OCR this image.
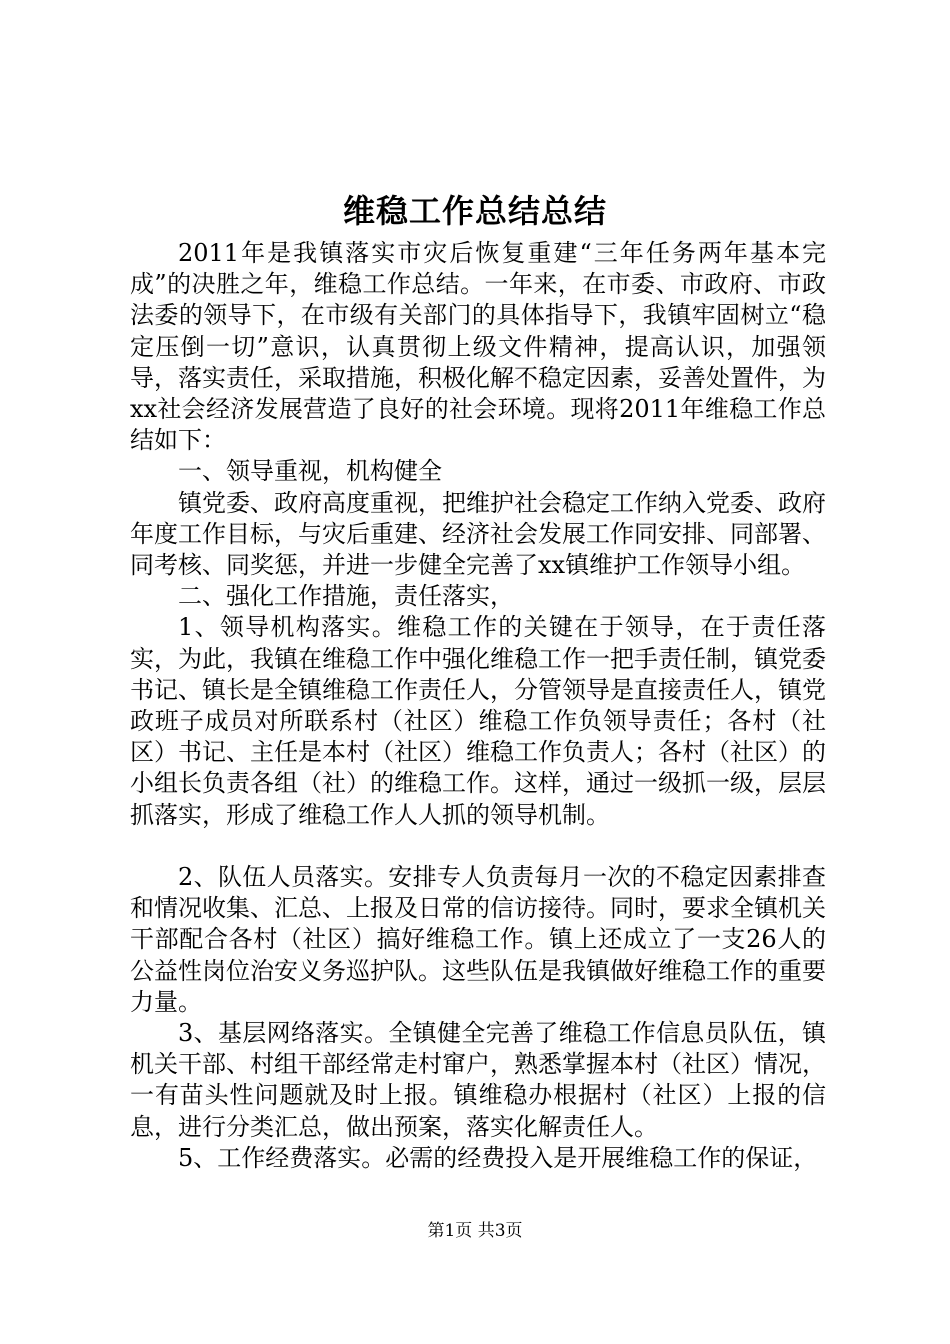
维稳工作总结总结

2011年是我镇落实市灾后恢复重建“三年任务两年基本完成”的决胜之年，维稳工作总结。一年来，在市委、市政府、市政法委的领导下，在市级有关部门的具体指导下，我镇牢固树立“稳定压倒一切”意识，认真贯彻上级文件精神，提高认识，加强领导，落实责任，采取措施，积极化解不稳定因素，妥善处置件，为xx社会经济发展营造了良好的社会环境。现将2011年维稳工作总结如下：

一、领导重视，机构健全

镇党委、政府高度重视，把维护社会稳定工作纳入党委、政府年度工作目标，与灾后重建、经济社会发展工作同安排、同部署、同考核、同奖惩，并进一步健全完善了xx镇维护工作领导小组。

二、强化工作措施，责任落实，

1、领导机构落实。维稳工作的关键在于领导，在于责任落实，为此，我镇在维稳工作中强化维稳工作一把手责任制，镇党委书记、镇长是全镇维稳工作责任人，分管领导是直接责任人，镇党政班子成员对所联系村（社区）维稳工作负领导责任；各村（社区）书记、主任是本村（社区）维稳工作负责人；各村（社区）的小组长负责各组（社）的维稳工作。这样，通过一级抓一级，层层抓落实，形成了维稳工作人人抓的领导机制。

2、队伍人员落实。安排专人负责每月一次的不稳定因素排查和情况收集、汇总、上报及日常的信访接待。同时，要求全镇机关干部配合各村（社区）搞好维稳工作。镇上还成立了一支26人的公益性岗位治安义务巡护队。这些队伍是我镇做好维稳工作的重要力量。

3、基层网络落实。全镇健全完善了维稳工作信息员队伍，镇机关干部、村组干部经常走村窜户，熟悉掌握本村（社区）情况，一有苗头性问题就及时上报。镇维稳办根据村（社区）上报的信息，进行分类汇总，做出预案，落实化解责任人。

5、工作经费落实。必需的经费投入是开展维稳工作的保证，

第1页 共3页
